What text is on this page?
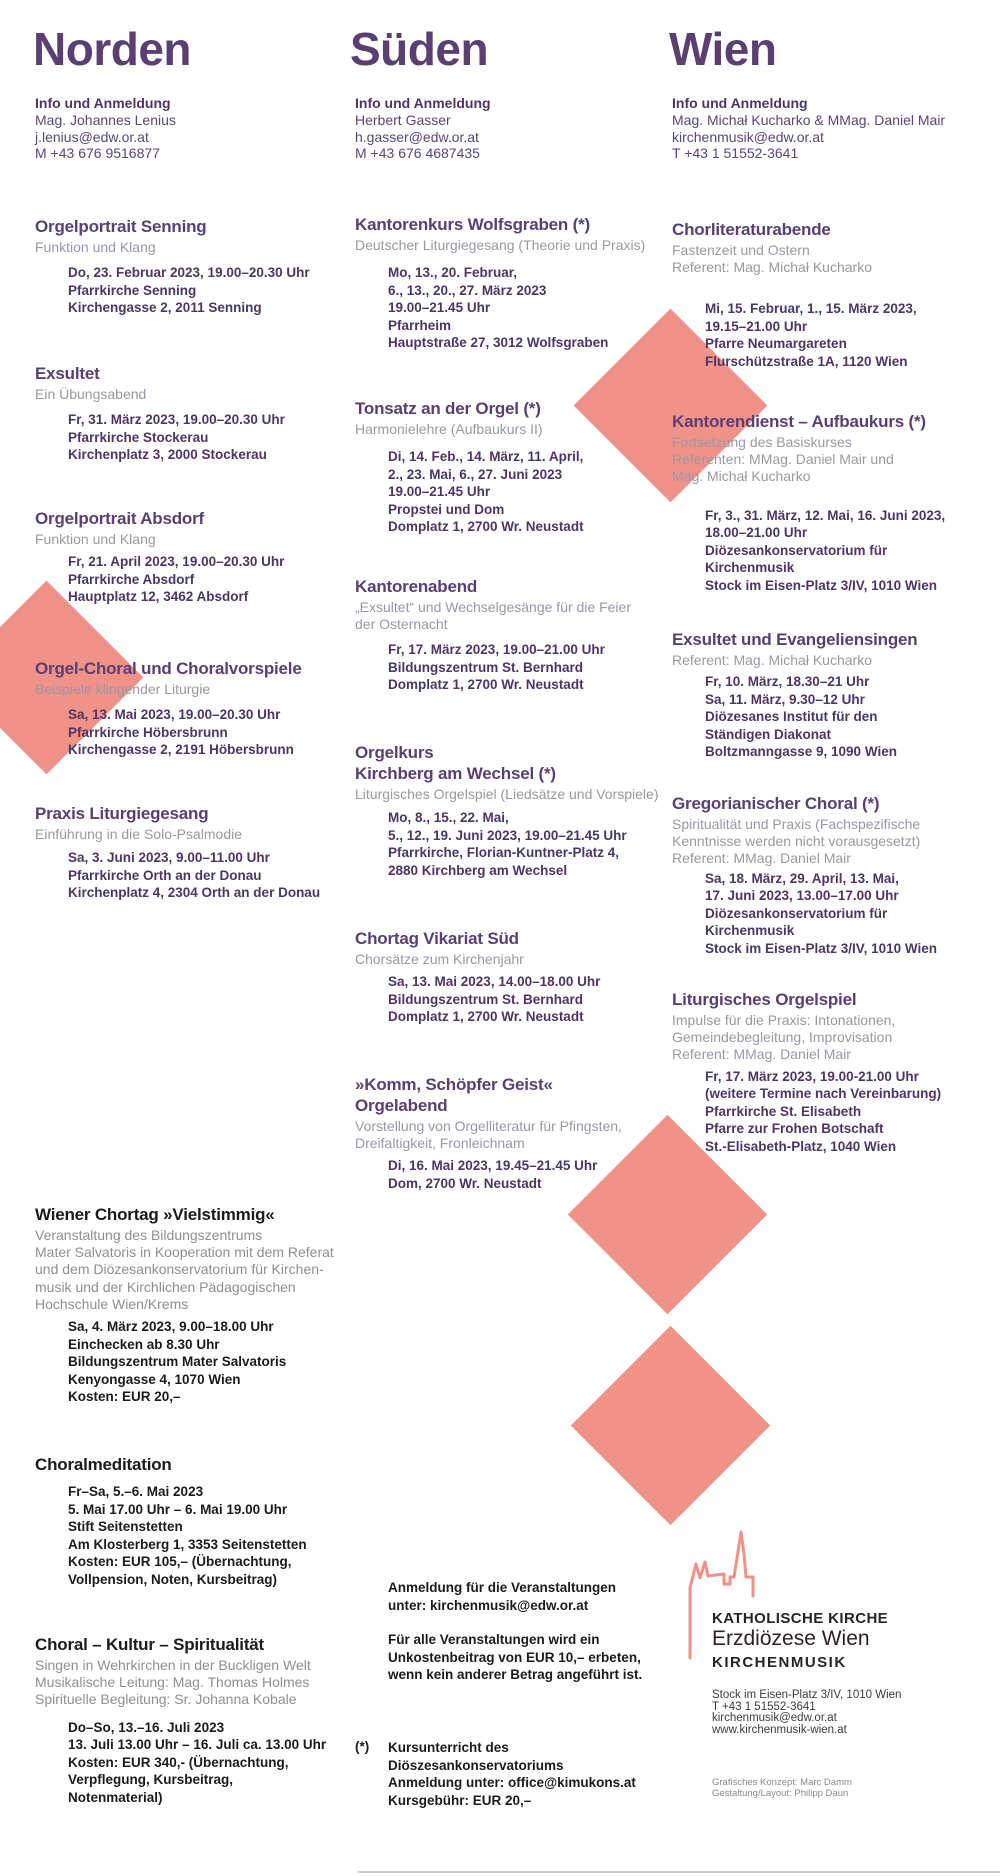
Norden	Süden	Wien
Info und Anmeldung
Mag. Johannes Lenius
j.lenius@edw.or.at
M +43 676 9516877
Info und Anmeldung
Herbert Gasser
h.gasser@edw.or.at
M +43 676 4687435
Info und Anmeldung
Mag. Michał Kucharko & MMag. Daniel Mair
kirchenmusik@edw.or.at
T +43 1 51552-3641
Orgelportrait Senning
Funktion und Klang
Do, 23. Februar 2023, 19.00–20.30 Uhr
Pfarrkirche Senning
Kirchengasse 2, 2011 Senning
Exsultet
Ein Übungsabend
Fr, 31. März 2023, 19.00–20.30 Uhr
Pfarrkirche Stockerau
Kirchenplatz 3, 2000 Stockerau
Orgelportrait Absdorf
Funktion und Klang
Fr, 21. April 2023, 19.00–20.30 Uhr
Pfarrkirche Absdorf
Hauptplatz 12, 3462 Absdorf
Orgel-Choral und Choralvorspiele
Beispiele klingender Liturgie
Sa, 13. Mai 2023, 19.00–20.30 Uhr
Pfarrkirche Höbersbrunn
Kirchengasse 2, 2191 Höbersbrunn
Praxis Liturgiegesang
Einführung in die Solo-Psalmodie
Sa, 3. Juni 2023, 9.00–11.00 Uhr
Pfarrkirche Orth an der Donau
Kirchenplatz 4, 2304 Orth an der Donau
Wiener Chortag »Vielstimmig«
Veranstaltung des Bildungszentrums
Mater Salvatoris in Kooperation mit dem Referat
und dem Diözesankonservatorium für Kirchen-
musik und der Kirchlichen Pädagogischen
Hochschule Wien/Krems
Sa, 4. März 2023, 9.00–18.00 Uhr
Einchecken ab 8.30 Uhr
Bildungszentrum Mater Salvatoris
Kenyongasse 4, 1070 Wien
Kosten: EUR 20,–
Choralmeditation
Fr–Sa, 5.–6. Mai 2023
5. Mai 17.00 Uhr – 6. Mai 19.00 Uhr
Stift Seitenstetten
Am Klosterberg 1, 3353 Seitenstetten
Kosten: EUR 105,– (Übernachtung,
Vollpension, Noten, Kursbeitrag)
Choral – Kultur – Spiritualität
Singen in Wehrkirchen in der Buckligen Welt
Musikalische Leitung: Mag. Thomas Holmes
Spirituelle Begleitung: Sr. Johanna Kobale
Do–So, 13.–16. Juli 2023
13. Juli 13.00 Uhr – 16. Juli ca. 13.00 Uhr
Kosten: EUR 340,- (Übernachtung,
Verpflegung, Kursbeitrag,
Notenmaterial)
Kantorenkurs Wolfsgraben (*)
Deutscher Liturgiegesang (Theorie und Praxis)
Mo, 13., 20. Februar,
6., 13., 20., 27. März 2023
19.00–21.45 Uhr
Pfarrheim
Hauptstraße 27, 3012 Wolfsgraben
Tonsatz an der Orgel (*)
Harmonielehre (Aufbaukurs II)
Di, 14. Feb., 14. März, 11. April,
2., 23. Mai, 6., 27. Juni 2023
19.00–21.45 Uhr
Propstei und Dom
Domplatz 1, 2700 Wr. Neustadt
Kantorenabend
„Exsultet“ und Wechselgesänge für die Feier
der Osternacht
Fr, 17. März 2023, 19.00–21.00 Uhr
Bildungszentrum St. Bernhard
Domplatz 1, 2700 Wr. Neustadt
Orgelkurs
Kirchberg am Wechsel (*)
Liturgisches Orgelspiel (Liedsätze und Vorspiele)
Mo, 8., 15., 22. Mai,
5., 12., 19. Juni 2023, 19.00–21.45 Uhr
Pfarrkirche, Florian-Kuntner-Platz 4,
2880 Kirchberg am Wechsel
Chortag Vikariat Süd
Chorsätze zum Kirchenjahr
Sa, 13. Mai 2023, 14.00–18.00 Uhr
Bildungszentrum St. Bernhard
Domplatz 1, 2700 Wr. Neustadt
»Komm, Schöpfer Geist«
Orgelabend
Vorstellung von Orgelliteratur für Pfingsten,
Dreifaltigkeit, Fronleichnam
Di, 16. Mai 2023, 19.45–21.45 Uhr
Dom, 2700 Wr. Neustadt
Chorliteraturabende
Fastenzeit und Ostern
Referent: Mag. Michał Kucharko
Mi, 15. Februar, 1., 15. März 2023,
19.15–21.00 Uhr
Pfarre Neumargareten
Flurschützstraße 1A, 1120 Wien
Kantorendienst – Aufbaukurs (*)
Fortsetzung des Basiskurses
Referenten: MMag. Daniel Mair und
Mag. Michał Kucharko
Fr, 3., 31. März, 12. Mai, 16. Juni 2023,
18.00–21.00 Uhr
Diözesankonservatorium für
Kirchenmusik
Stock im Eisen-Platz 3/IV, 1010 Wien
Exsultet und Evangeliensingen
Referent: Mag. Michał Kucharko
Fr, 10. März, 18.30–21 Uhr
Sa, 11. März, 9.30–12 Uhr
Diözesanes Institut für den
Ständigen Diakonat
Boltzmanngasse 9, 1090 Wien
Gregorianischer Choral (*)
Spiritualität und Praxis (Fachspezifische
Kenntnisse werden nicht vorausgesetzt)
Referent: MMag. Daniel Mair
Sa, 18. März, 29. April, 13. Mai,
17. Juni 2023, 13.00–17.00 Uhr
Diözesankonservatorium für
Kirchenmusik
Stock im Eisen-Platz 3/IV, 1010 Wien
Liturgisches Orgelspiel
Impulse für die Praxis: Intonationen,
Gemeindebegleitung, Improvisation
Referent: MMag. Daniel Mair
Fr, 17. März 2023, 19.00-21.00 Uhr
(weitere Termine nach Vereinbarung)
Pfarrkirche St. Elisabeth
Pfarre zur Frohen Botschaft
St.-Elisabeth-Platz, 1040 Wien
Anmeldung für die Veranstaltungen
unter: kirchenmusik@edw.or.at
Für alle Veranstaltungen wird ein
Unkostenbeitrag von EUR 10,– erbeten,
wenn kein anderer Betrag angeführt ist.
(*) Kursunterricht des
Diöszesankonservatoriums
Anmeldung unter: office@kimukons.at
Kursgebühr: EUR 20,–
KATHOLISCHE KIRCHE
Erzdiözese Wien
KIRCHENMUSIK
Stock im Eisen-Platz 3/IV, 1010 Wien
T +43 1 51552-3641
kirchenmusik@edw.or.at
www.kirchenmusik-wien.at
Grafisches Konzept: Marc Damm
Gestaltung/Layout: Philipp Daun
